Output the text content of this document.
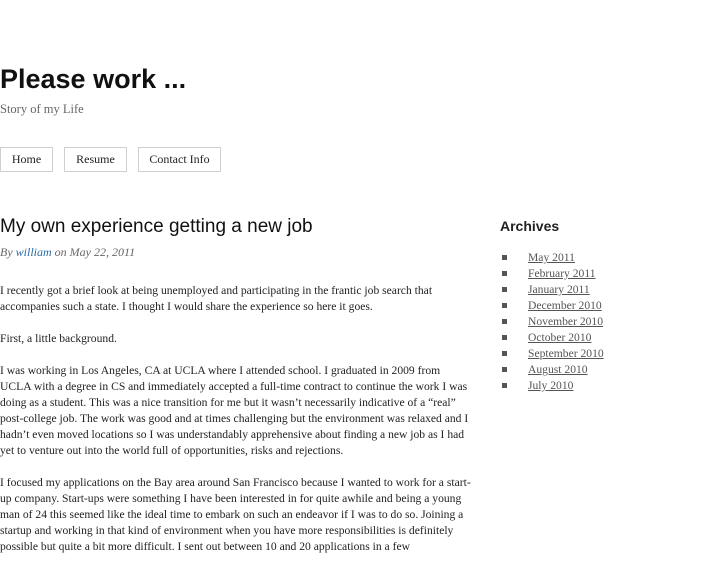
Please work ...

Story of my Life

Home	Resume	Contact Info
My own experience getting a new job

By william on May 22, 2011

I recently got a brief look at being unemployed and participating in the frantic job search that accompanies such a state. I thought I would share the experience so here it goes.

First, a little background.

I was working in Los Angeles, CA at UCLA where I attended school. I graduated in 2009 from UCLA with a degree in CS and immediately accepted a full-time contract to continue the work I was doing as a student. This was a nice transition for me but it wasn’t necessarily indicative of a “real” post-college job. The work was good and at times challenging but the environment was relaxed and I hadn’t even moved locations so I was understandably apprehensive about finding a new job as I had yet to venture out into the world full of opportunities, risks and rejections.

I focused my applications on the Bay area around San Francisco because I wanted to work for a start-up company. Start-ups were something I have been interested in for quite awhile and being a young man of 24 this seemed like the ideal time to embark on such an endeavor if I was to do so. Joining a startup and working in that kind of environment when you have more responsibilities is definitely possible but quite a bit more difficult. I sent out between 10 and 20 applications in a few

Archives
May 2011
February 2011
January 2011
December 2010
November 2010
October 2010
September 2010
August 2010
July 2010
